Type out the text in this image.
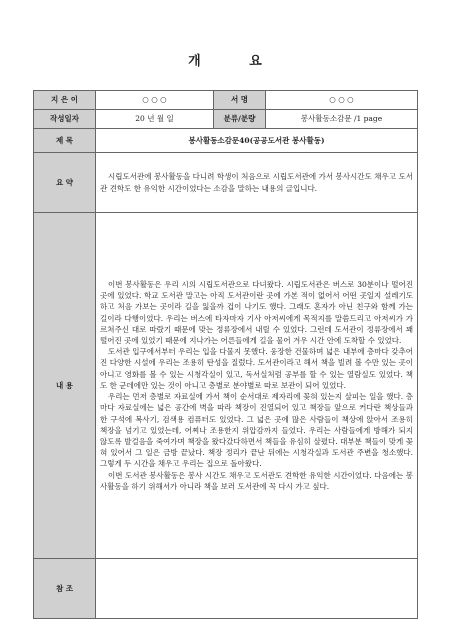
개 요
지 은 이	○ ○ ○	서 명	○ ○ ○
작성일자	20 년 월 일	분류/분량	봉사활동소감문 /1 page
제 목	봉사활동소감문40(공공도서관 봉사활동)		
요 약	시립도서관에 봉사활동을 다니려 학생이 처음으로 시립도서관에 가서 봉사시간도 채우고 도서관 견학도 한 유익한 시간이었다는 소감을 말하는 내용의 글입니다.		

내 용	이번 봉사활동은 우리 시의 시립도서관으로 다녀왔다. 시립도서관은 버스로 30분이나 떨어진 곳에 있었다. 학교 도서관 말고는 아직 도서관이란 곳에 가본 적이 없어서 어떤 곳일지 설레기도 하고 처음 가보는 곳이라 길을 잃을까 겁이 나기도 했다. 그래도 혼자가 아닌 친구와 함께 가는 길이라 다행이었다. 우리는 버스에 타자마자 기사 아저씨에게 목적지를 말씀드리고 아저씨가 가르쳐주신 대로 따랐기 때문에 맞는 정류장에서 내릴 수 있었다. 그런데 도서관이 정류장에서 꽤 떨어진 곳에 있었기 때문에 지나가는 어른들에게 길을 물어 겨우 시간 안에 도착할 수 있었다.

도서관 입구에서부터 우리는 입을 다물지 못했다. 웅장한 건물하며 넓은 내부에 층마다 갖추어진 다양한 시설에 우리는 조용히 탄성을 질렀다. 도서관이라고 해서 책을 빌려 볼 수만 있는 곳이 아니고 영화를 볼 수 있는 시청각실이 있고, 독서실처럼 공부를 할 수 있는 열람실도 있었다. 책도 한 군데에만 있는 것이 아니고 층별로 분야별로 따로 보관이 되어 있었다.

우리는 먼저 층별로 자료실에 가서 책이 순서대로 제자리에 꽂혀 있는지 살피는 일을 했다. 층마다 자료실에는 넓은 공간에 벽을 따라 책장이 진열되어 있고 책장들 앞으로 커다란 책상들과 한 구석에 복사기, 검색용 컴퓨터도 있었다. 그 넓은 곳에 많은 사람들이 책상에 앉아서 조용히 책장을 넘기고 있었는데, 어찌나 조용한지 위압감까지 들었다. 우리는 사람들에게 방해가 되지 않도록 발걸음을 죽여가며 책장을 왔다갔다하면서 책들을 유심히 살폈다. 대부분 책들이 맞게 꽂혀 있어서 그 일은 금방 끝났다. 책장 정리가 끝난 뒤에는 시청각실과 도서관 주변을 청소했다. 그렇게 두 시간을 채우고 우리는 집으로 돌아왔다.

이번 도서관 봉사활동은 봉사 시간도 채우고 도서관도 견학한 유익한 시간이었다. 다음에는 봉사활동을 하기 위해서가 아니라 책을 보러 도서관에 꼭 다시 가고 싶다.		

참 조			
